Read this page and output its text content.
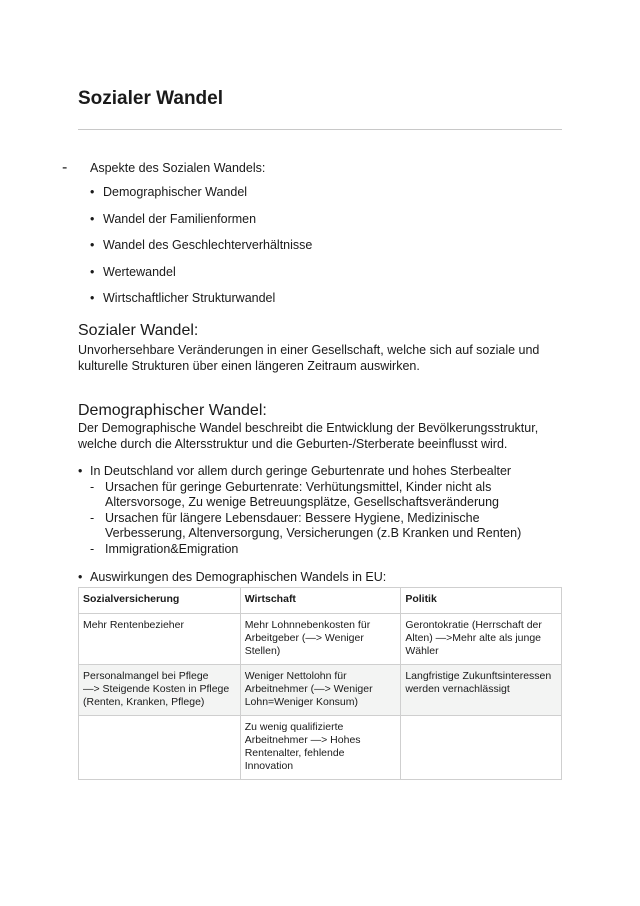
Sozialer Wandel
-	Aspekte des Sozialen Wandels:
• Demographischer Wandel
• Wandel der Familienformen
• Wandel des Geschlechterverhältnisse
• Wertewandel
• Wirtschaftlicher Strukturwandel
Sozialer Wandel:

Unvorhersehbare Veränderungen in einer Gesellschaft, welche sich auf soziale und
kulturelle Strukturen über einen längeren Zeitraum auswirken.

Demographischer Wandel:

Der Demographische Wandel beschreibt die Entwicklung der Bevölkerungsstruktur,
welche durch die Altersstruktur und die Geburten-/Sterberate beeinflusst wird.

• In Deutschland vor allem durch geringe Geburtenrate und hohes Sterbealter
- Ursachen für geringe Geburtenrate: Verhütungsmittel, Kinder nicht als
Altersvorsoge, Zu wenige Betreuungsplätze, Gesellschaftsveränderung
- Ursachen für längere Lebensdauer: Bessere Hygiene, Medizinische
Verbesserung, Altenversorgung, Versicherungen (z.B Kranken und Renten)
- Immigration&Emigration
• Auswirkungen des Demographischen Wandels in EU:
Sozialversicherung	Wirtschaft	Politik
Mehr Rentenbezieher	Mehr Lohnnebenkosten für
Arbeitgeber (—> Weniger
Stellen)	Gerontokratie (Herrschaft der
Alten) —>Mehr alte als junge
Wähler
Personalmangel bei Pflege
—> Steigende Kosten in Pflege
(Renten, Kranken, Pflege)	Weniger Nettolohn für
Arbeitnehmer (—> Weniger
Lohn=Weniger Konsum)	Langfristige Zukunftsinteressen
werden vernachlässigt
	Zu wenig qualifizierte
Arbeitnehmer —> Hohes
Rentenalter, fehlende
Innovation	
